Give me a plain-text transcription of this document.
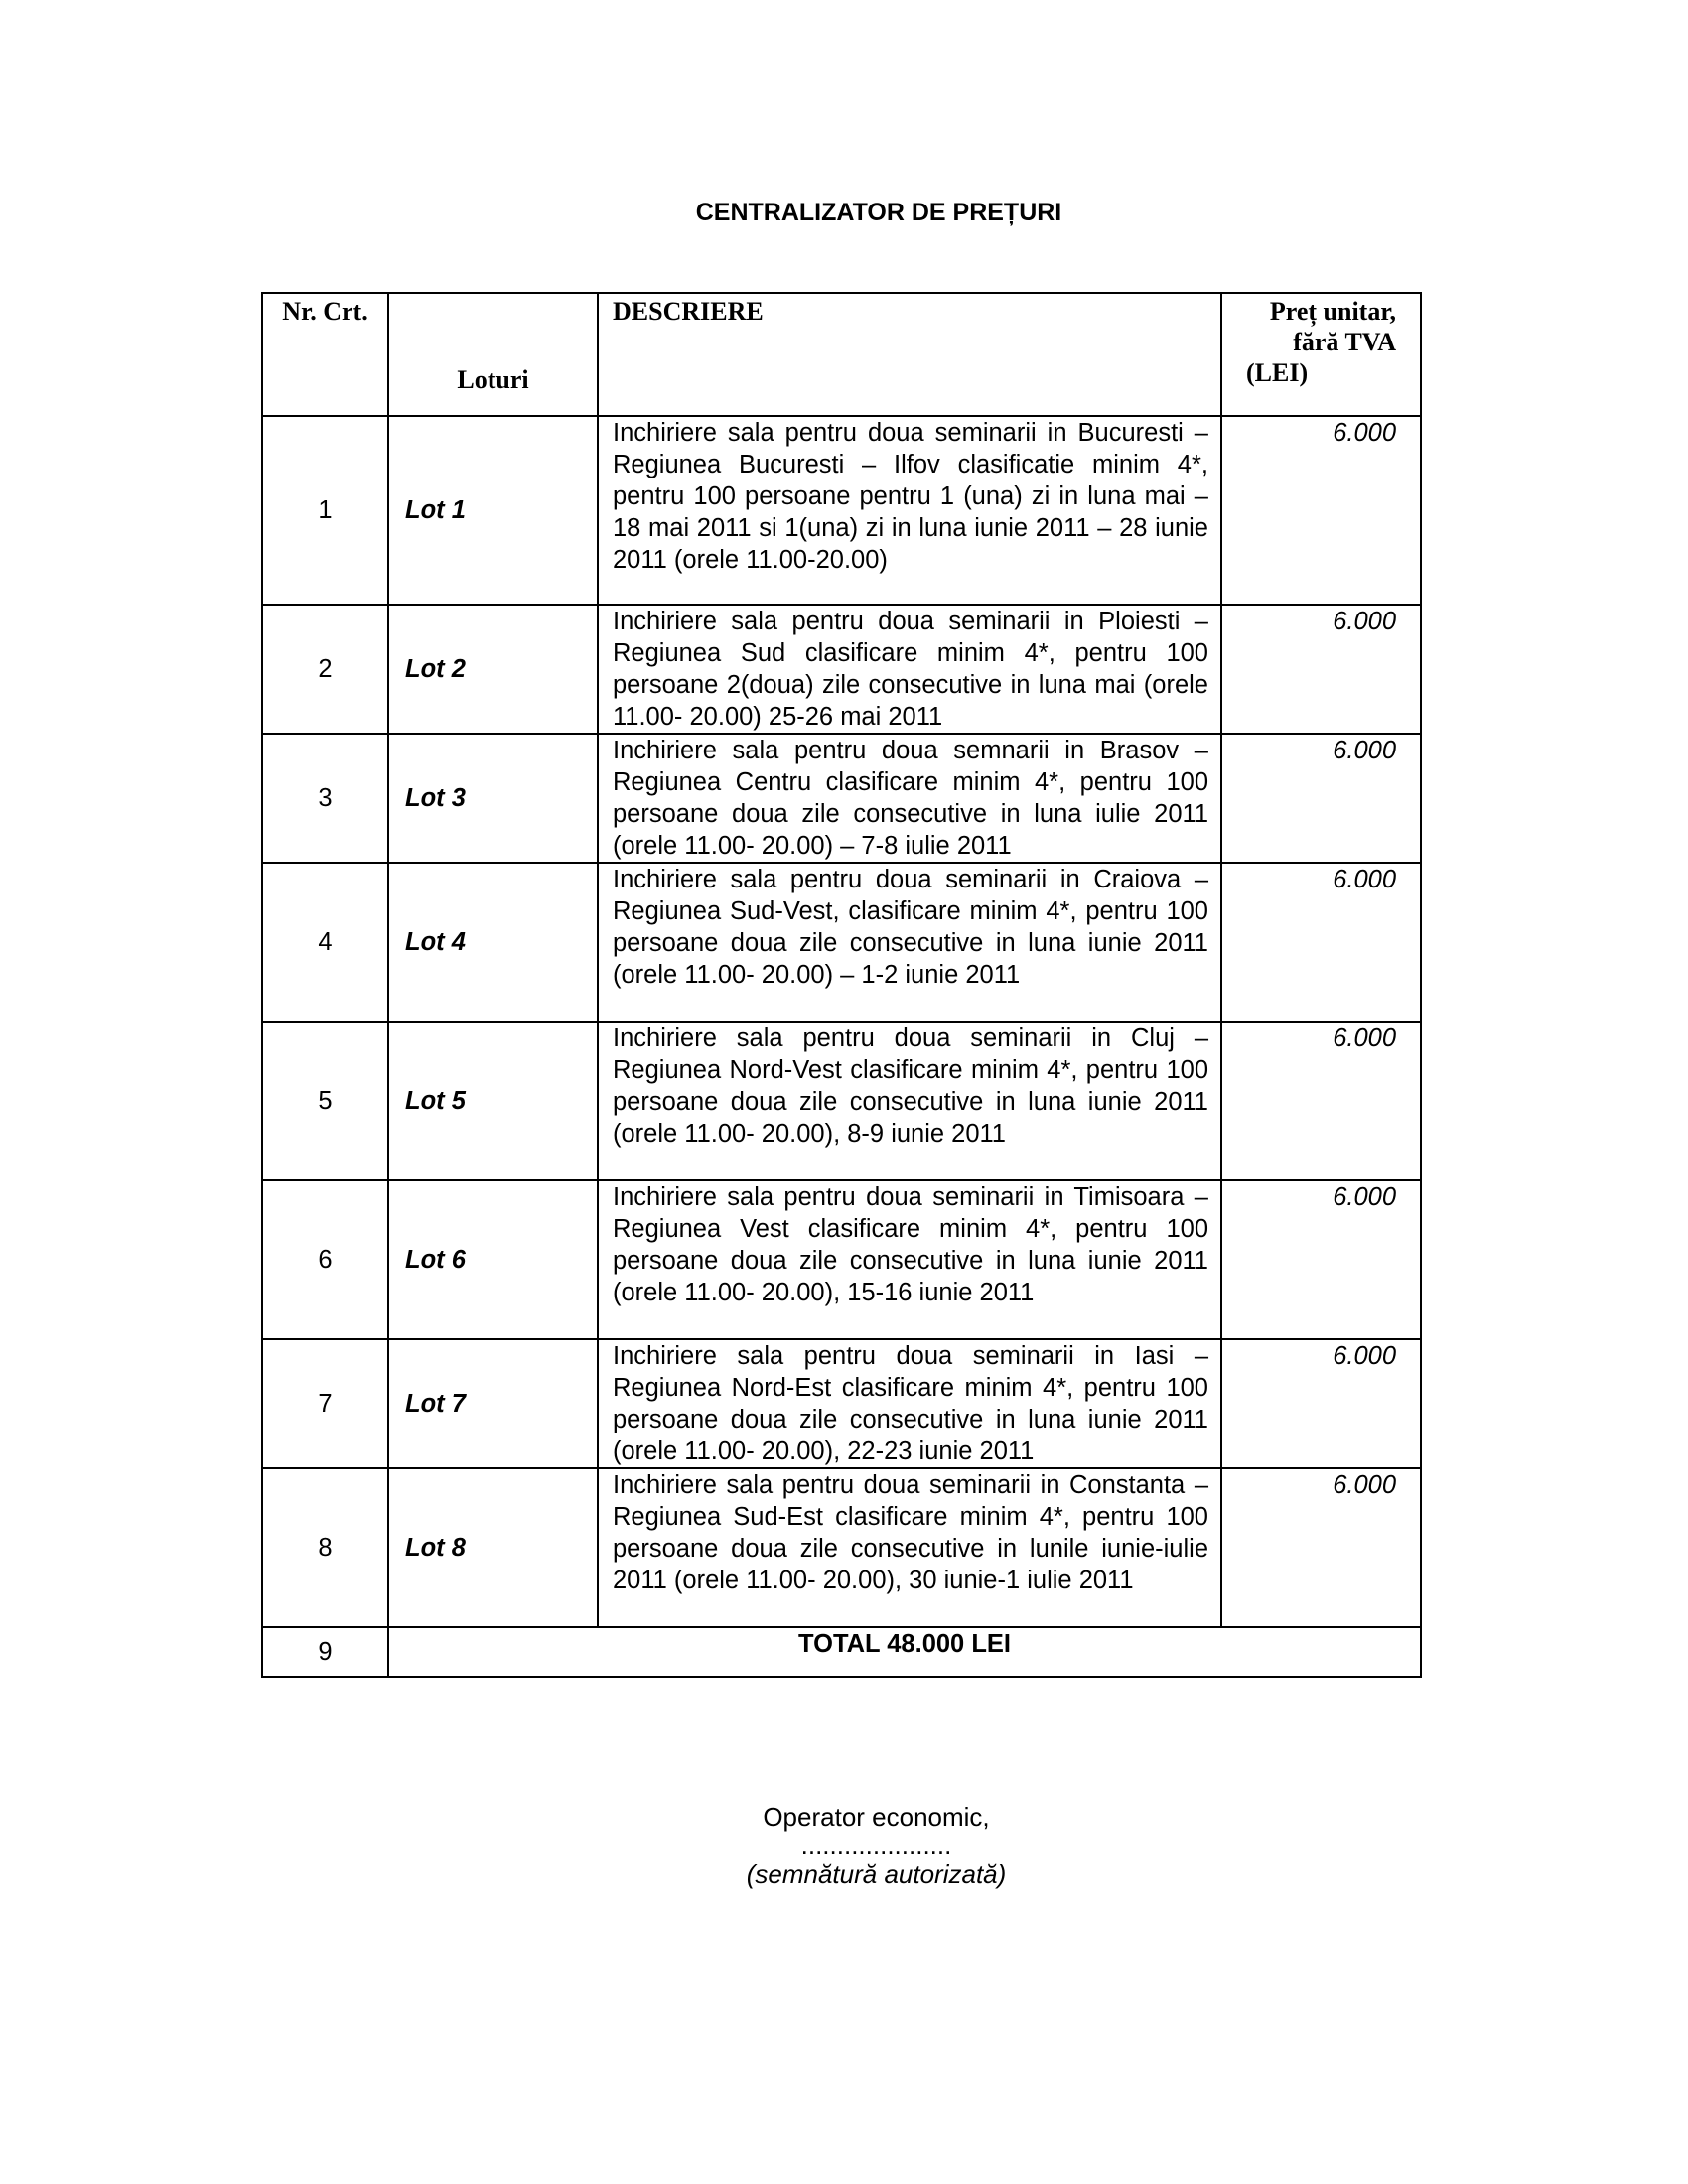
CENTRALIZATOR DE PREȚURI
Nr. Crt.	Loturi	DESCRIERE	Preț unitar,
fără TVA
(LEI)

1	Lot 1	Inchiriere sala pentru doua seminarii in Bucuresti – Regiunea Bucuresti – Ilfov clasificatie minim 4*, pentru 100 persoane pentru 1 (una) zi in luna mai –18 mai 2011 si 1(una) zi in luna iunie 2011 – 28 iunie 2011 (orele 11.00-20.00)	6.000
2	Lot 2	Inchiriere sala pentru doua seminarii in Ploiesti – Regiunea Sud clasificare minim 4*, pentru 100 persoane 2(doua) zile consecutive in luna mai (orele 11.00- 20.00) 25-26 mai 2011	6.000
3	Lot 3	Inchiriere sala pentru doua semnarii in Brasov – Regiunea Centru clasificare minim 4*, pentru 100 persoane doua zile consecutive in luna iulie 2011 (orele 11.00- 20.00) – 7-8 iulie 2011	6.000
4	Lot 4	Inchiriere sala pentru doua seminarii in Craiova –Regiunea Sud-Vest, clasificare minim 4*, pentru 100 persoane doua zile consecutive in luna iunie 2011 (orele 11.00- 20.00) – 1-2 iunie 2011	6.000
5	Lot 5	Inchiriere sala pentru doua seminarii in Cluj – Regiunea Nord-Vest clasificare minim 4*, pentru 100 persoane doua zile consecutive in luna iunie 2011 (orele 11.00- 20.00), 8-9 iunie 2011	6.000
6	Lot 6	Inchiriere sala pentru doua seminarii in Timisoara – Regiunea Vest clasificare minim 4*, pentru 100 persoane doua zile consecutive in luna iunie 2011 (orele 11.00- 20.00), 15-16 iunie 2011	6.000
7	Lot 7	Inchiriere sala pentru doua seminarii in Iasi – Regiunea Nord-Est clasificare minim 4*, pentru 100 persoane doua zile consecutive in luna iunie 2011 (orele 11.00- 20.00), 22-23 iunie 2011	6.000
8	Lot 8	Inchiriere sala pentru doua seminarii in Constanta – Regiunea Sud-Est clasificare minim 4*, pentru 100 persoane doua zile consecutive in lunile iunie-iulie 2011 (orele 11.00- 20.00), 30 iunie-1 iulie 2011	6.000
9	TOTAL 48.000 LEI		
Operator economic,
.....................
(semnătură autorizată)
